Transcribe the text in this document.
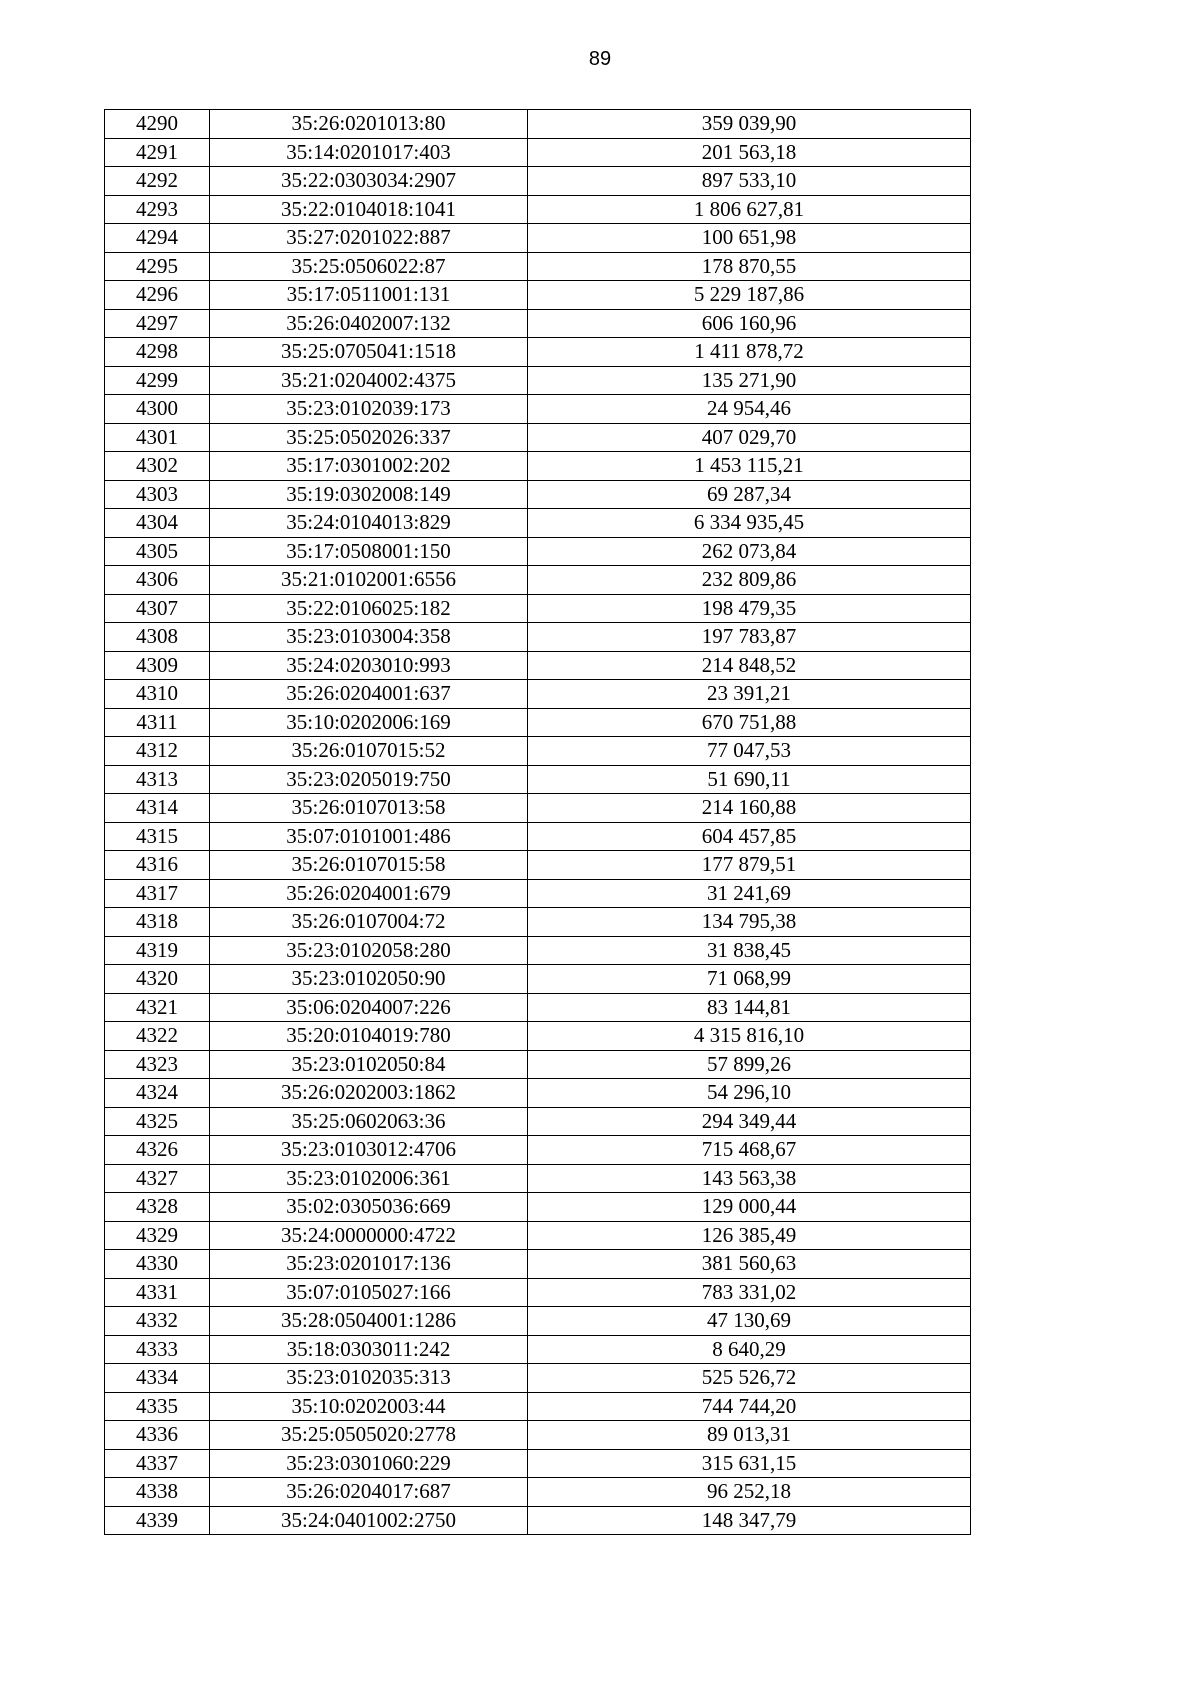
89
4290	35:26:0201013:80	359 039,90
4291	35:14:0201017:403	201 563,18
4292	35:22:0303034:2907	897 533,10
4293	35:22:0104018:1041	1 806 627,81
4294	35:27:0201022:887	100 651,98
4295	35:25:0506022:87	178 870,55
4296	35:17:0511001:131	5 229 187,86
4297	35:26:0402007:132	606 160,96
4298	35:25:0705041:1518	1 411 878,72
4299	35:21:0204002:4375	135 271,90
4300	35:23:0102039:173	24 954,46
4301	35:25:0502026:337	407 029,70
4302	35:17:0301002:202	1 453 115,21
4303	35:19:0302008:149	69 287,34
4304	35:24:0104013:829	6 334 935,45
4305	35:17:0508001:150	262 073,84
4306	35:21:0102001:6556	232 809,86
4307	35:22:0106025:182	198 479,35
4308	35:23:0103004:358	197 783,87
4309	35:24:0203010:993	214 848,52
4310	35:26:0204001:637	23 391,21
4311	35:10:0202006:169	670 751,88
4312	35:26:0107015:52	77 047,53
4313	35:23:0205019:750	51 690,11
4314	35:26:0107013:58	214 160,88
4315	35:07:0101001:486	604 457,85
4316	35:26:0107015:58	177 879,51
4317	35:26:0204001:679	31 241,69
4318	35:26:0107004:72	134 795,38
4319	35:23:0102058:280	31 838,45
4320	35:23:0102050:90	71 068,99
4321	35:06:0204007:226	83 144,81
4322	35:20:0104019:780	4 315 816,10
4323	35:23:0102050:84	57 899,26
4324	35:26:0202003:1862	54 296,10
4325	35:25:0602063:36	294 349,44
4326	35:23:0103012:4706	715 468,67
4327	35:23:0102006:361	143 563,38
4328	35:02:0305036:669	129 000,44
4329	35:24:0000000:4722	126 385,49
4330	35:23:0201017:136	381 560,63
4331	35:07:0105027:166	783 331,02
4332	35:28:0504001:1286	47 130,69
4333	35:18:0303011:242	8 640,29
4334	35:23:0102035:313	525 526,72
4335	35:10:0202003:44	744 744,20
4336	35:25:0505020:2778	89 013,31
4337	35:23:0301060:229	315 631,15
4338	35:26:0204017:687	96 252,18
4339	35:24:0401002:2750	148 347,79
